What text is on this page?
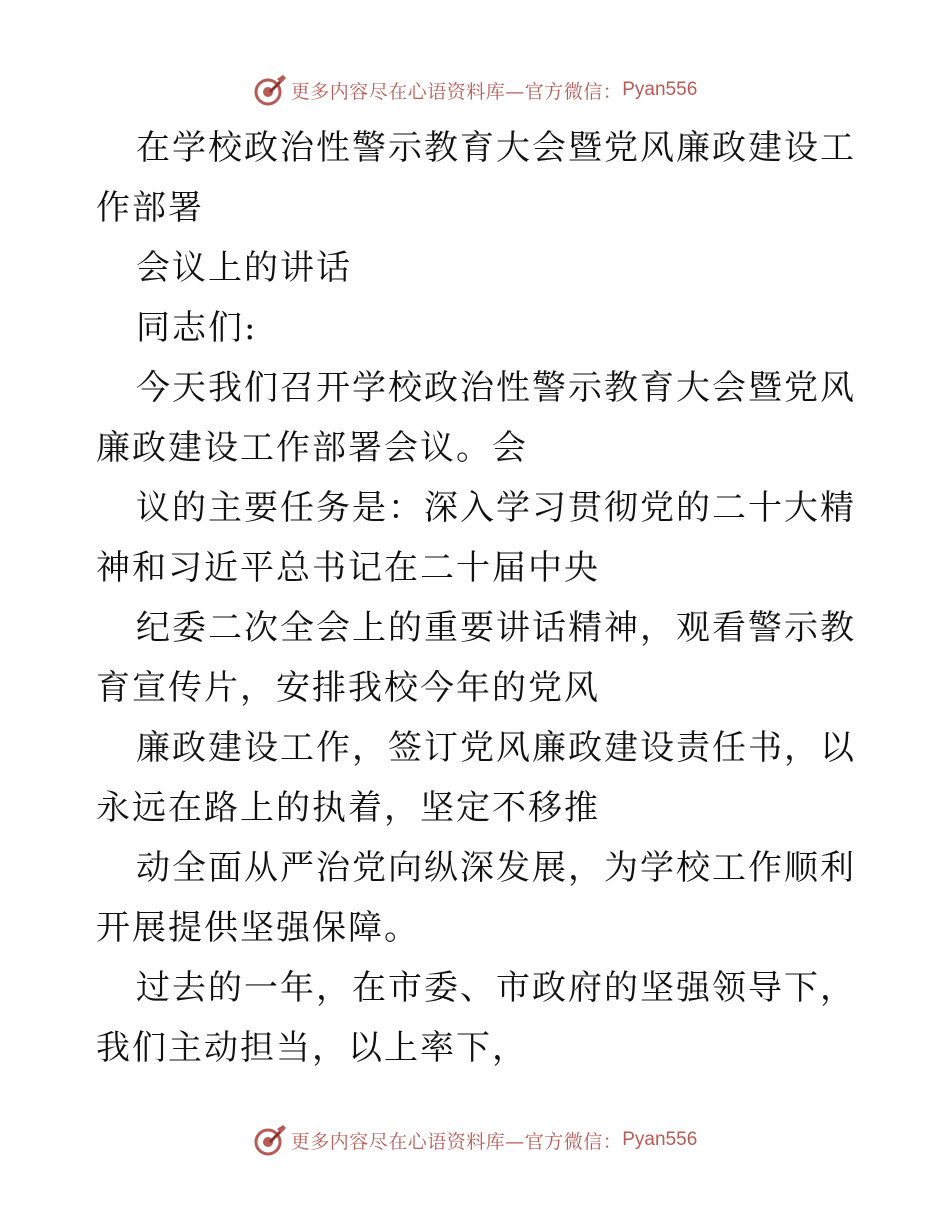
更多内容尽在心语资料库—官方微信： Pyan556

在学校政治性警示教育大会暨党风廉政建设工作部署

会议上的讲话

同志们:

今天我们召开学校政治性警示教育大会暨党风廉政建设工作部署会议。会

议的主要任务是：深入学习贯彻党的二十大精神和习近平总书记在二十届中央

纪委二次全会上的重要讲话精神，观看警示教育宣传片，安排我校今年的党风

廉政建设工作，签订党风廉政建设责任书，以永远在路上的执着，坚定不移推

动全面从严治党向纵深发展，为学校工作顺利开展提供坚强保障。

过去的一年，在市委、市政府的坚强领导下，我们主动担当，以上率下，

更多内容尽在心语资料库—官方微信： Pyan556
